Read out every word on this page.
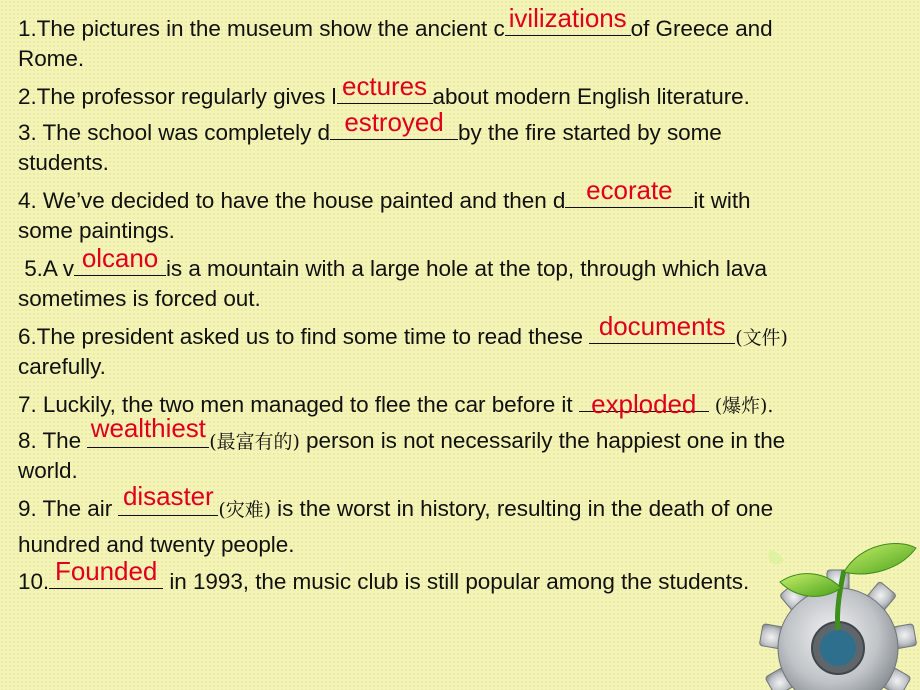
1.The pictures in the museum show the ancient c ivilizations of Greece and
Rome.
2.The professor regularly gives l ectures about modern English literature.
3. The school was completely d estroyed by the fire started by some
students.
4. We’ve decided to have the house painted and then d ecorate it with
some paintings.
5.A v olcano is a mountain with a large hole at the top, through which lava
sometimes is forced out.
6.The president asked us to find some time to read these documents (文件)
carefully.
7. Luckily, the two men managed to flee the car before it exploded (爆炸).
8. The wealthiest (最富有的) person is not necessarily the happiest one in the
world.
9. The air disaster (灾难) is the worst in history, resulting in the death of one
hundred and twenty people.
10. Founded in 1993, the music club is still popular among the students.
